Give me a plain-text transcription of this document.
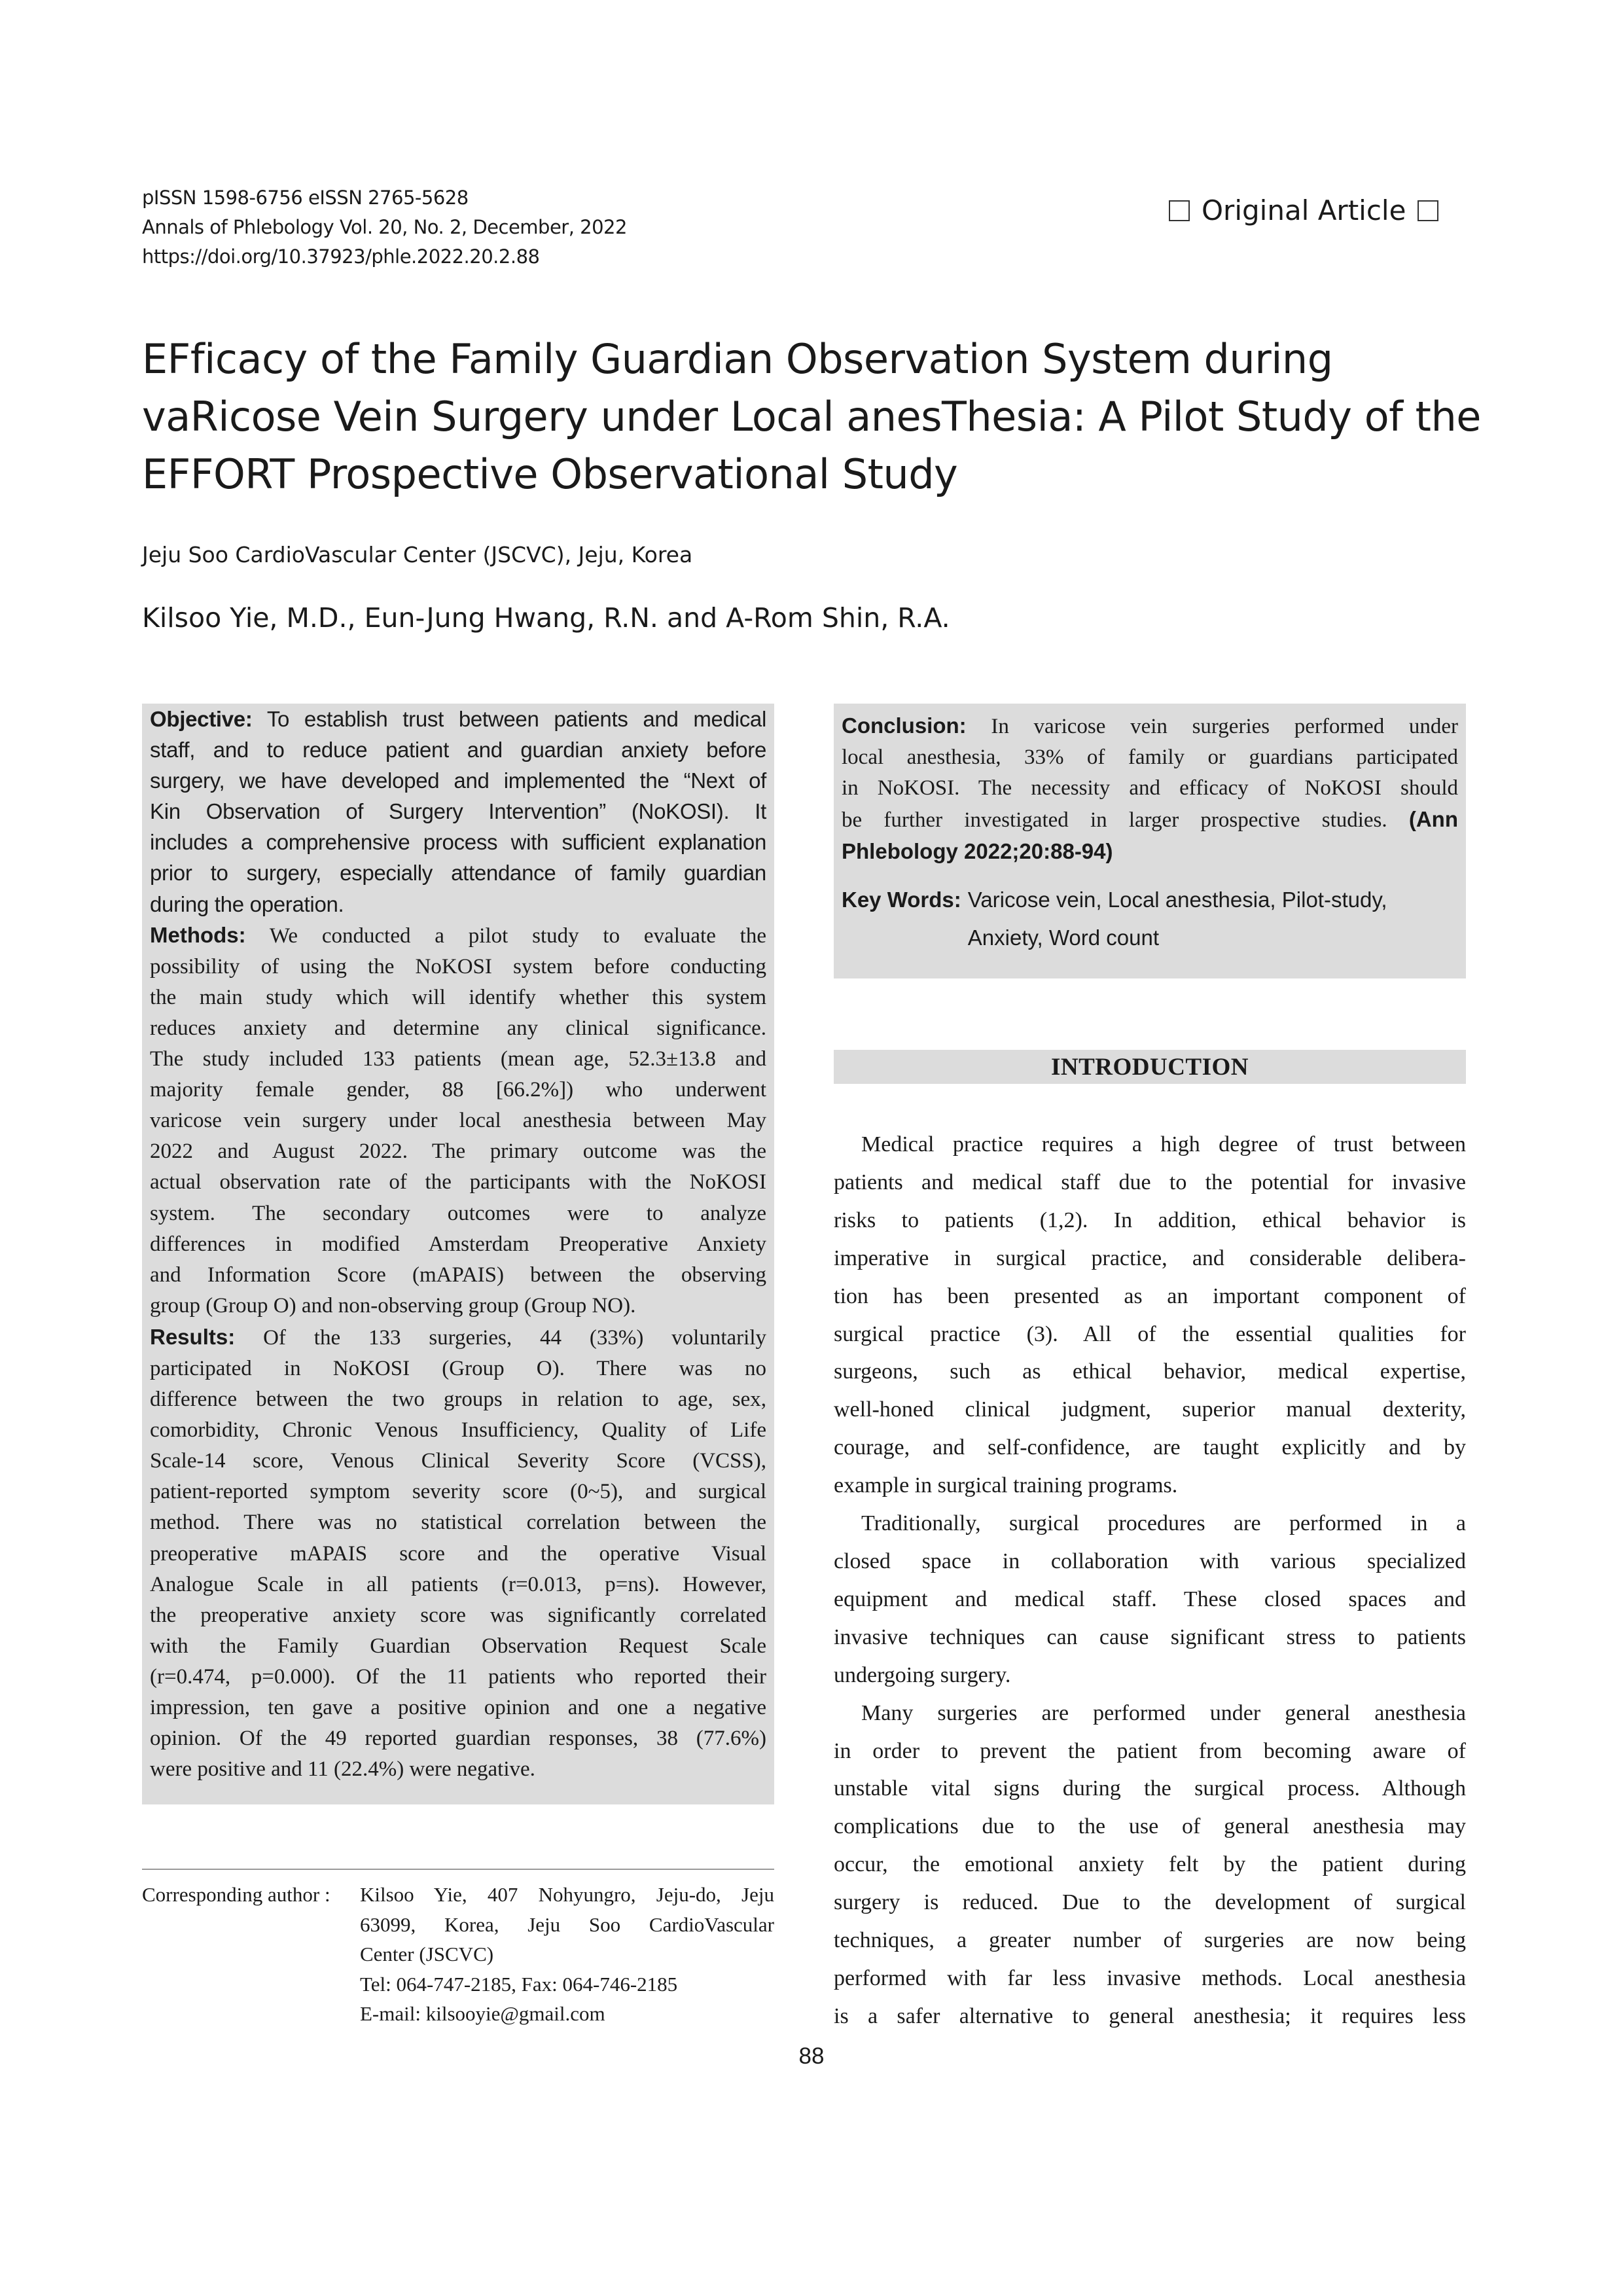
pISSN 1598-6756 eISSN 2765-5628
Annals of Phlebology Vol. 20, No. 2, December, 2022
https://doi.org/10.37923/phle.2022.20.2.88
Original Article
EFficacy of the Family Guardian Observation System during
vaRicose Vein Surgery under Local anesThesia: A Pilot Study of the
EFFORT Prospective Observational Study
Jeju Soo CardioVascular Center (JSCVC), Jeju, Korea
Kilsoo Yie, M.D., Eun-Jung Hwang, R.N. and A-Rom Shin, R.A.
Objective: To establish trust between patients and medical
staff, and to reduce patient and guardian anxiety before
surgery, we have developed and implemented the “Next of
Kin Observation of Surgery Intervention” (NoKOSI). It
includes a comprehensive process with sufficient explanation
prior to surgery, especially attendance of family guardian
during the operation.
Methods: We conducted a pilot study to evaluate the
possibility of using the NoKOSI system before conducting
the main study which will identify whether this system
reduces anxiety and determine any clinical significance.
The study included 133 patients (mean age, 52.3±13.8 and
majority female gender, 88 [66.2%]) who underwent
varicose vein surgery under local anesthesia between May
2022 and August 2022. The primary outcome was the
actual observation rate of the participants with the NoKOSI
system. The secondary outcomes were to analyze
differences in modified Amsterdam Preoperative Anxiety
and Information Score (mAPAIS) between the observing
group (Group O) and non-observing group (Group NO).
Results: Of the 133 surgeries, 44 (33%) voluntarily
participated in NoKOSI (Group O). There was no
difference between the two groups in relation to age, sex,
comorbidity, Chronic Venous Insufficiency, Quality of Life
Scale-14 score, Venous Clinical Severity Score (VCSS),
patient-reported symptom severity score (0~5), and surgical
method. There was no statistical correlation between the
preoperative mAPAIS score and the operative Visual
Analogue Scale in all patients (r=0.013, p=ns). However,
the preoperative anxiety score was significantly correlated
with the Family Guardian Observation Request Scale
(r=0.474, p=0.000). Of the 11 patients who reported their
impression, ten gave a positive opinion and one a negative
opinion. Of the 49 reported guardian responses, 38 (77.6%)
were positive and 11 (22.4%) were negative.
Conclusion: In varicose vein surgeries performed under
local anesthesia, 33% of family or guardians participated
in NoKOSI. The necessity and efficacy of NoKOSI should
be further investigated in larger prospective studies. (Ann
Phlebology 2022;20:88-94)
Key Words: Varicose vein, Local anesthesia, Pilot-study,
Anxiety, Word count
INTRODUCTION
Medical practice requires a high degree of trust between
patients and medical staff due to the potential for invasive
risks to patients (1,2). In addition, ethical behavior is
imperative in surgical practice, and considerable delibera-
tion has been presented as an important component of
surgical practice (3). All of the essential qualities for
surgeons, such as ethical behavior, medical expertise,
well-honed clinical judgment, superior manual dexterity,
courage, and self-confidence, are taught explicitly and by
example in surgical training programs.
Traditionally, surgical procedures are performed in a
closed space in collaboration with various specialized
equipment and medical staff. These closed spaces and
invasive techniques can cause significant stress to patients
undergoing surgery.
Many surgeries are performed under general anesthesia
in order to prevent the patient from becoming aware of
unstable vital signs during the surgical process. Although
complications due to the use of general anesthesia may
occur, the emotional anxiety felt by the patient during
surgery is reduced. Due to the development of surgical
techniques, a greater number of surgeries are now being
performed with far less invasive methods. Local anesthesia
is a safer alternative to general anesthesia; it requires less
Corresponding author :	Kilsoo Yie, 407 Nohyungro, Jeju-do, Jeju
63099, Korea, Jeju Soo CardioVascular
Center (JSCVC)
Tel: 064-747-2185, Fax: 064-746-2185
E-mail: kilsooyie@gmail.com
88
